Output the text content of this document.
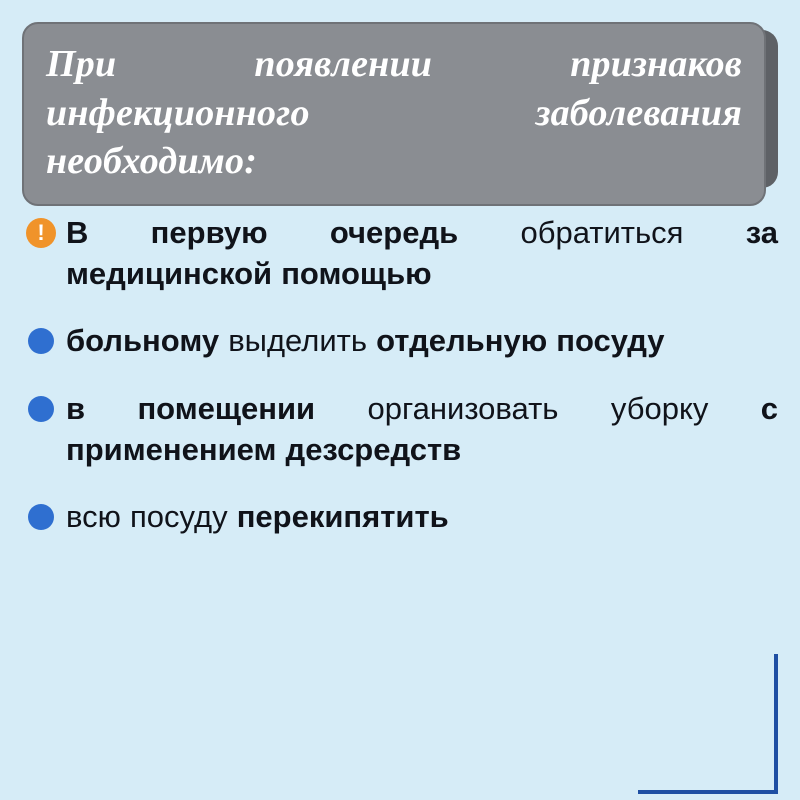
При появлении признаков инфекционного заболевания необходимо:

! В первую очередь обратиться за медицинской помощью
больному выделить отдельную посуду
в помещении организовать уборку с применением дезсредств
всю посуду перекипятить
